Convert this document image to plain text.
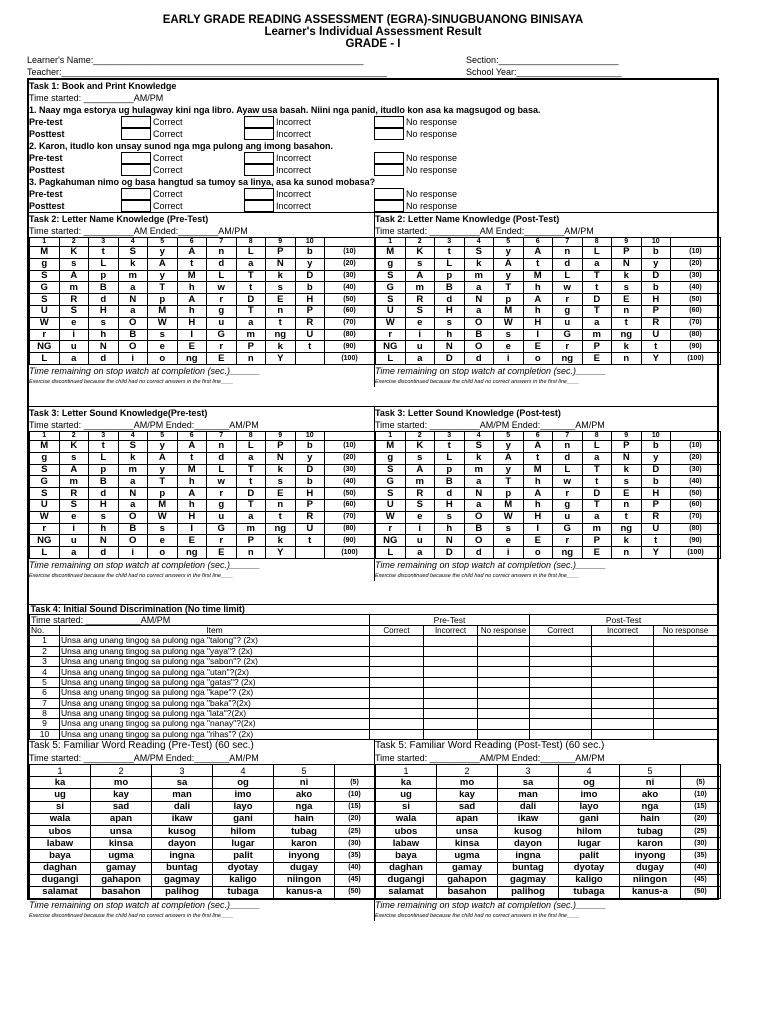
EARLY GRADE READING ASSESSMENT (EGRA)-SINUGBUANONG BINISAYA
Learner's Individual Assessment Result
GRADE - I
Learner's Name:______________________________________________________	Section:________________________
Teacher:_________________________________________________________________	School Year:_____________________
Task 1: Book and Print Knowledge
Time started: __________AM/PM
1. Naay mga estorya ug hulagway kini nga libro. Ayaw usa basah. Niini nga panid, itudlo kon asa ka magsugod og basa.
Pre-test	Correct	Incorrect	No response
Posttest	Correct	Incorrect	No response
2. Karon, itudlo kon unsay sunod nga mga pulong ang imong basahon.
Pre-test	Correct	Incorrect	No response
Posttest	Correct	Incorrect	No response
3. Pagkahuman nimo og basa hangtud sa tumoy sa linya, asa ka sunod mobasa?
Pre-test	Correct	Incorrect	No response
Posttest	Correct	Incorrect	No response
Task 2: Letter Name Knowledge (Pre-Test)
Time started: __________AM Ended:________AM/PM
1	2	3	4	5	6	7	8	9	10	
M	K	t	S	y	A	n	L	P	b	(10)
g	s	L	k	A	t	d	a	N	y	(20)
S	A	p	m	y	M	L	T	k	D	(30)
G	m	B	a	T	h	w	t	s	b	(40)
S	R	d	N	p	A	r	D	E	H	(50)
U	S	H	a	M	h	g	T	n	P	(60)
W	e	s	O	W	H	u	a	t	R	(70)
r	i	h	B	s	I	G	m	ng	U	(80)
NG	u	N	O	e	E	r	P	k	t	(90)
L	a	d	i	o	ng	E	n	Y		(100)
Time remaining on stop watch at completion (sec.)______
Exercise discontinued because the child had no correct answers in the first line____
Task 2: Letter Name Knowledge (Post-Test)
Time started: __________AM Ended:________AM/PM
1	2	3	4	5	6	7	8	9	10	
M	K	t	S	y	A	n	L	P	b	(10)
g	s	L	k	A	t	d	a	N	y	(20)
S	A	p	m	y	M	L	T	k	D	(30)
G	m	B	a	T	h	w	t	s	b	(40)
S	R	d	N	p	A	r	D	E	H	(50)
U	S	H	a	M	h	g	T	n	P	(60)
W	e	s	O	W	H	u	a	t	R	(70)
r	i	h	B	s	I	G	m	ng	U	(80)
NG	u	N	O	e	E	r	P	k	t	(90)
L	a	D	d	i	o	ng	E	n	Y	(100)
Time remaining on stop watch at completion (sec.)______
Exercise discontinued because the child had no correct answers in the first line____
Task 3: Letter Sound Knowledge(Pre-test)
Time started: __________AM/PM Ended:_______AM/PM
1	2	3	4	5	6	7	8	9	10	
M	K	t	S	y	A	n	L	P	b	(10)
g	s	L	k	A	t	d	a	N	y	(20)
S	A	p	m	y	M	L	T	k	D	(30)
G	m	B	a	T	h	w	t	s	b	(40)
S	R	d	N	p	A	r	D	E	H	(50)
U	S	H	a	M	h	g	T	n	P	(60)
W	e	s	O	W	H	u	a	t	R	(70)
r	i	h	B	s	I	G	m	ng	U	(80)
NG	u	N	O	e	E	r	P	k	t	(90)
L	a	d	i	o	ng	E	n	Y		(100)
Time remaining on stop watch at completion (sec.)______
Exercise discontinued because the child had no correct answers in the first line____
Task 3: Letter Sound Knowledge (Post-test)
Time started: __________AM/PM Ended:_______AM/PM
1	2	3	4	5	6	7	8	9	10	
M	K	t	S	y	A	n	L	P	b	(10)
g	s	L	k	A	t	d	a	N	y	(20)
S	A	p	m	y	M	L	T	k	D	(30)
G	m	B	a	T	h	w	t	s	b	(40)
S	R	d	N	p	A	r	D	E	H	(50)
U	S	H	a	M	h	g	T	n	P	(60)
W	e	s	O	W	H	u	a	t	R	(70)
r	i	h	B	s	I	G	m	ng	U	(80)
NG	u	N	O	e	E	r	P	k	t	(90)
L	a	D	d	i	o	ng	E	n	Y	(100)
Time remaining on stop watch at completion (sec.)______
Exercise discontinued because the child had no correct answers in the first line____
Task 4: Initial Sound Discrimination (No time limit)							
Time started: ___________AM/PM		Pre-Test			Post-Test		
No.	Item	Correct	Incorrect	No response	Correct	Incorrect	No response
1	Unsa ang unang tingog sa pulong nga "talong"? (2x)						
2	Unsa ang unang tingog sa pulong nga "yaya"? (2x)						
3	Unsa ang unang tingog sa pulong nga "sabon"? (2x)						
4	Unsa ang unang tingog sa pulong nga "utan"?(2x)						
5	Unsa ang unang tingog sa pulong nga "gatas"? (2x)						
6	Unsa ang unang tingog sa pulong nga "kape"? (2x)						
7	Unsa ang unang tingog sa pulong nga "baka"?(2x)						
8	Unsa ang unang tingog sa pulong nga "lata"?(2x)						
9	Unsa ang unang tingog sa pulong nga "nanay"?(2x)						
10	Unsa ang unang tingog sa pulong nga "rihas"? (2x)						
Task 5: Familiar Word Reading (Pre-Test) (60 sec.)
Time started: __________AM/PM Ended:_______AM/PM
1	2	3	4	5	
ka	mo	sa	og	ni	(5)
ug	kay	man	imo	ako	(10)
si	sad	dali	layo	nga	(15)
wala	apan	ikaw	gani	hain	(20)
ubos	unsa	kusog	hilom	tubag	(25)
labaw	kinsa	dayon	lugar	karon	(30)
baya	ugma	ingna	palit	inyong	(35)
daghan	gamay	buntag	dyotay	dugay	(40)
dugangi	gahapon	gagmay	kaligo	niingon	(45)
salamat	basahon	palihog	tubaga	kanus-a	(50)
Time remaining on stop watch at completion (sec.)______
Exercise discontinued because the child had no correct answers in the first line____
Task 5: Familiar Word Reading (Post-Test) (60 sec.)
Time started: __________AM/PM Ended:_______AM/PM
1	2	3	4	5	
ka	mo	sa	og	ni	(5)
ug	kay	man	imo	ako	(10)
si	sad	dali	layo	nga	(15)
wala	apan	ikaw	gani	hain	(20)
ubos	unsa	kusog	hilom	tubag	(25)
labaw	kinsa	dayon	lugar	karon	(30)
baya	ugma	ingna	palit	inyong	(35)
daghan	gamay	buntag	dyotay	dugay	(40)
dugangi	gahapon	gagmay	kaligo	niingon	(45)
salamat	basahon	palihog	tubaga	kanus-a	(50)
Time remaining on stop watch at completion (sec.)______
Exercise discontinued because the child had no correct answers in the first line____
